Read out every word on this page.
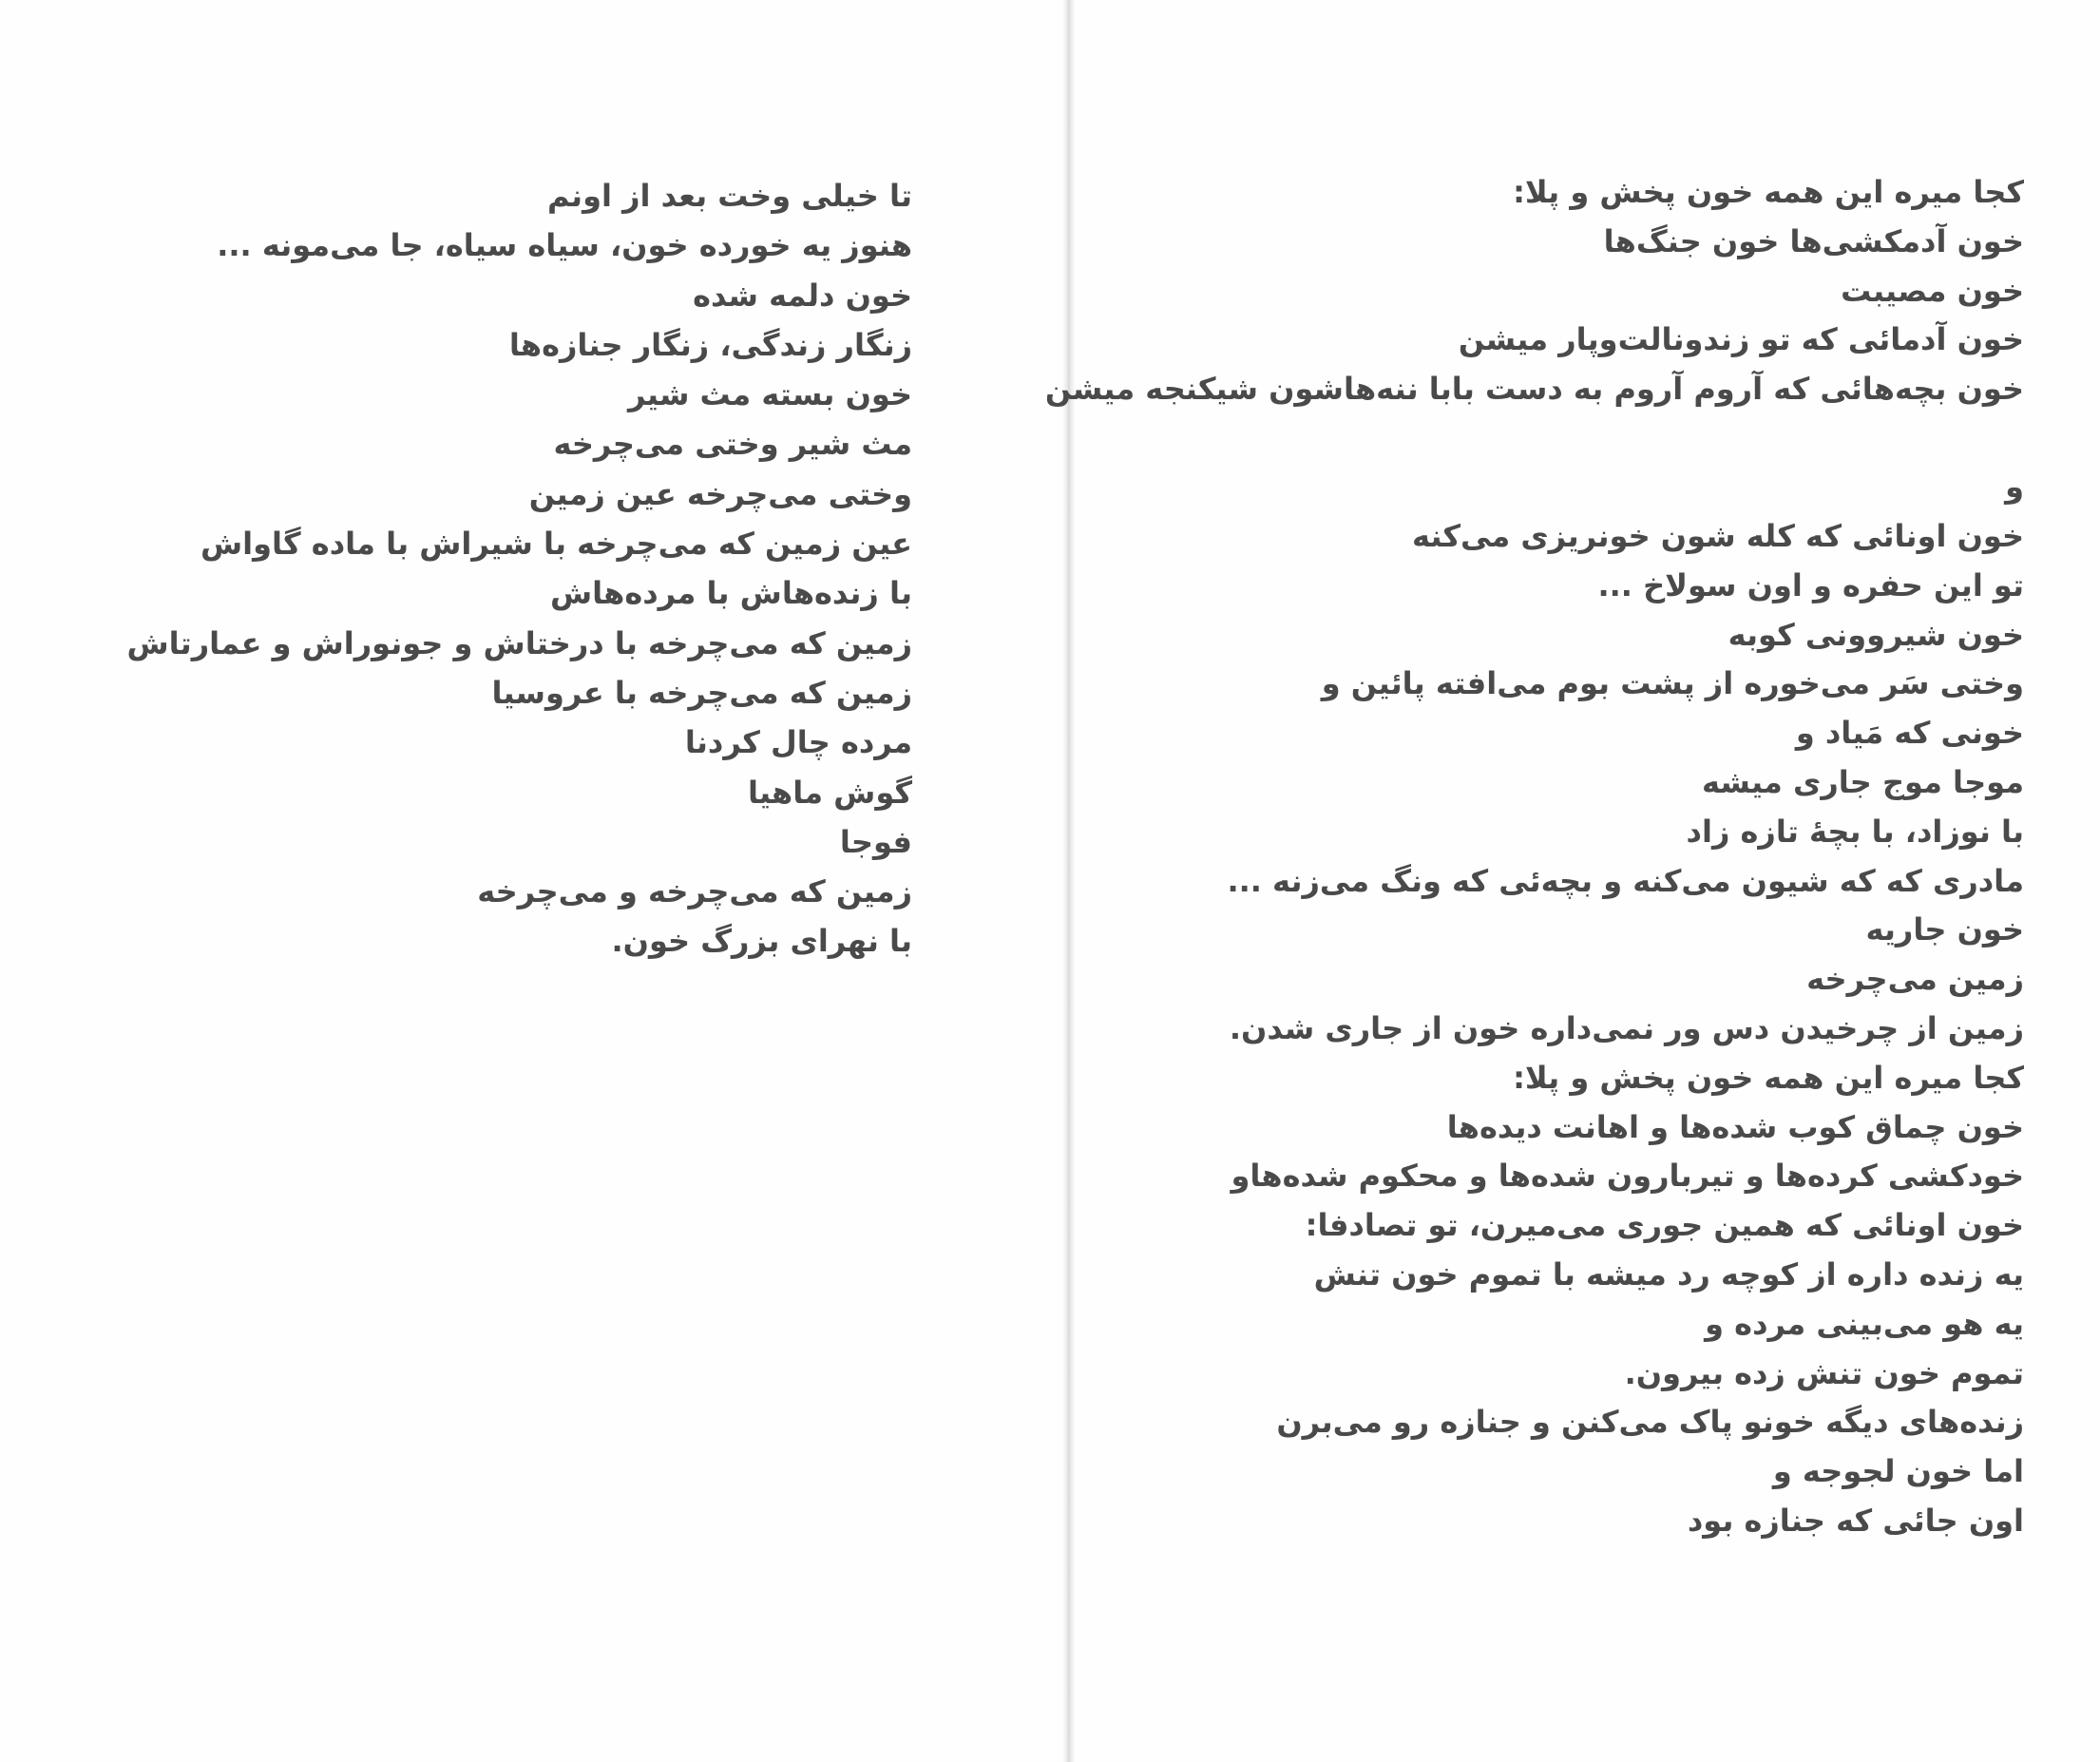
تا خیلی وخت بعد از اونم
هنوز یه خورده خون، سیاه سیاه، جا می‌مونه ...
خون دلمه شده
زنگار زندگی، زنگار جنازه‌ها
خون بسته مث شیر
مث شیر وختی می‌چرخه
وختی می‌چرخه عین زمین
عین زمین که می‌چرخه با شیراش با ماده گاواش
با زنده‌هاش با مرده‌هاش
زمین که می‌چرخه با درختاش و جونوراش و عمارتاش
زمین که می‌چرخه با عروسیا
مرده چال کردنا
گوش ماهیا
فوجا
زمین که می‌چرخه و می‌چرخه
با نهرای بزرگ خون.
کجا میره این همه خون پخش و پلا:
خون آدمکشی‌ها خون جنگ‌ها
خون مصیبت
خون آدمائی که تو زندونالت‌وپار میشن
خون بچه‌هائی که آروم آروم به دست بابا ننه‌هاشون شیکنجه میشن
و
خون اونائی که کله شون خونریزی می‌کنه
تو این حفره و اون سولاخ ...
خون شیروونی کوبه
وختی سَر می‌خوره از پشت بوم می‌افته پائین و
خونی که مَیاد و
موجا موج جاری میشه
با نوزاد، با بچۀ تازه زاد
مادری که که شیون می‌کنه و بچه‌ئی که ونگ می‌زنه ...
خون جاریه
زمین می‌چرخه
زمین از چرخیدن دس ور نمی‌داره خون از جاری شدن.
کجا میره این همه خون پخش و پلا:
خون چماق کوب شده‌ها و اهانت دیده‌ها
خودکشی کرده‌ها و تیربارون شده‌ها و محکوم شده‌هاو
خون اونائی که همین جوری می‌میرن، تو تصادفا:
یه زنده داره از کوچه رد میشه با تموم خون تنش
یه هو می‌بینی مرده و
تموم خون تنش زده بیرون.
زنده‌های دیگه خونو پاک می‌کنن و جنازه رو می‌برن
اما خون لجوجه و
اون جائی که جنازه بود
